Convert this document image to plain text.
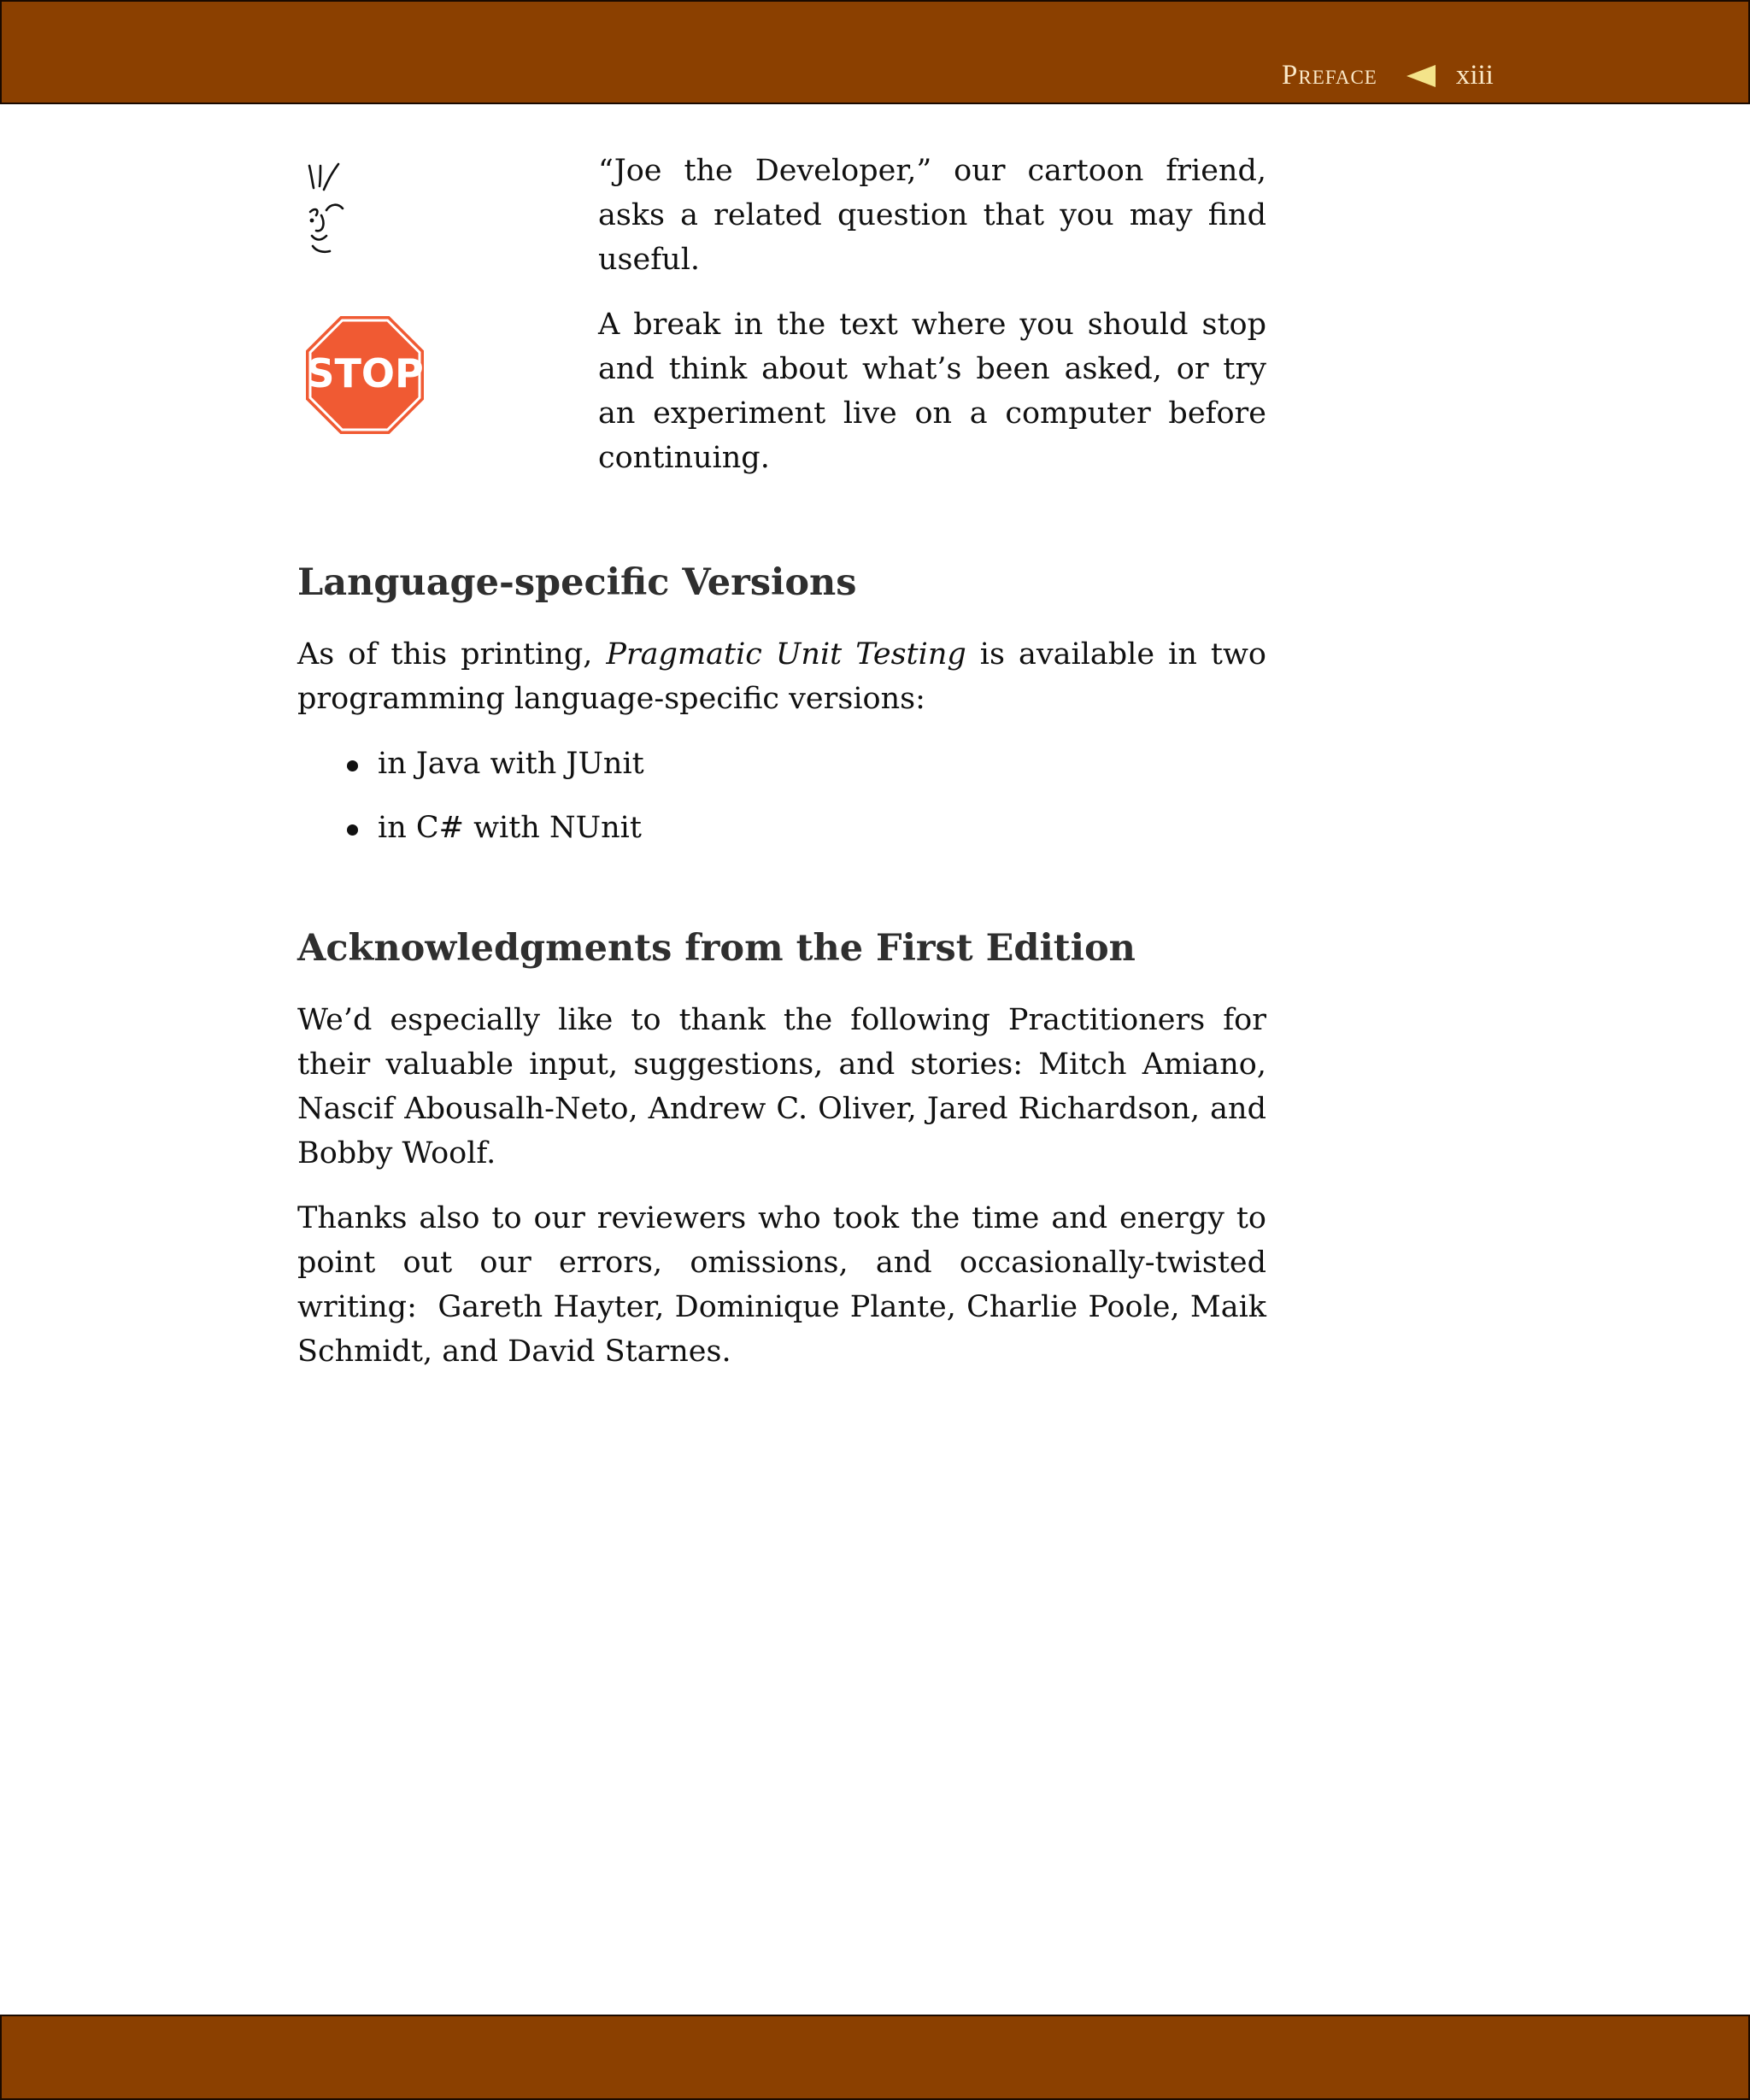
Preface	xiii

“Joe the Developer,” our cartoon friend, asks a related question that you may find useful.

STOP

A break in the text where you should stop and think about what’s been asked, or try an experiment live on a computer before continuing.

Language-specific Versions

As of this printing, Pragmatic Unit Testing is available in two programming language-specific versions:

in Java with JUnit
in C# with NUnit
Acknowledgments from the First Edition

We’d especially like to thank the following Practitioners for their valuable input, suggestions, and stories: Mitch Amiano, Nascif Abousalh-Neto, Andrew C. Oliver, Jared Richardson, and Bobby Woolf.

Thanks also to our reviewers who took the time and energy to point out our errors, omissions, and occasionally-twisted writing:  Gareth Hayter, Dominique Plante, Charlie Poole, Maik Schmidt, and David Starnes.
